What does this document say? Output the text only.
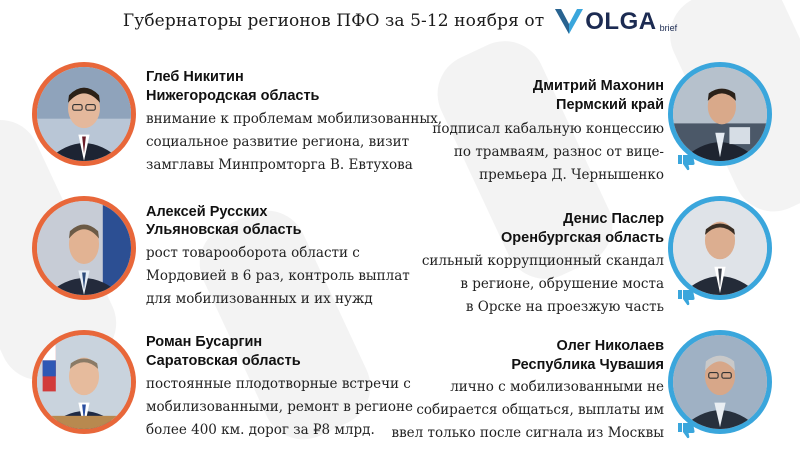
Губернаторы регионов ПФО за 5-12 ноября от OLGA brief
1
Глеб Никитин
Нижегородская область
внимание к проблемам мобилизованных,
социальное развитие региона, визит
замглавы Минпромторга В. Евтухова
2
Алексей Русских
Ульяновская область
рост товарооборота области с
Мордовией в 6 раз, контроль выплат
для мобилизованных и их нужд
3
Роман Бусаргин
Саратовская область
постоянные плодотворные встречи с
мобилизованными, ремонт в регионе
более 400 км. дорог за ₽8 млрд.
Дмитрий Махонин
Пермский край
подписал кабальную концессию
по трамваям, разнос от вице-
премьера Д. Чернышенко
Денис Паслер
Оренбургская область
сильный коррупционный скандал
в регионе, обрушение моста
в Орске на проезжую часть
Олег Николаев
Республика Чувашия
лично с мобилизованными не
собирается общаться, выплаты им
ввел только после сигнала из Москвы
